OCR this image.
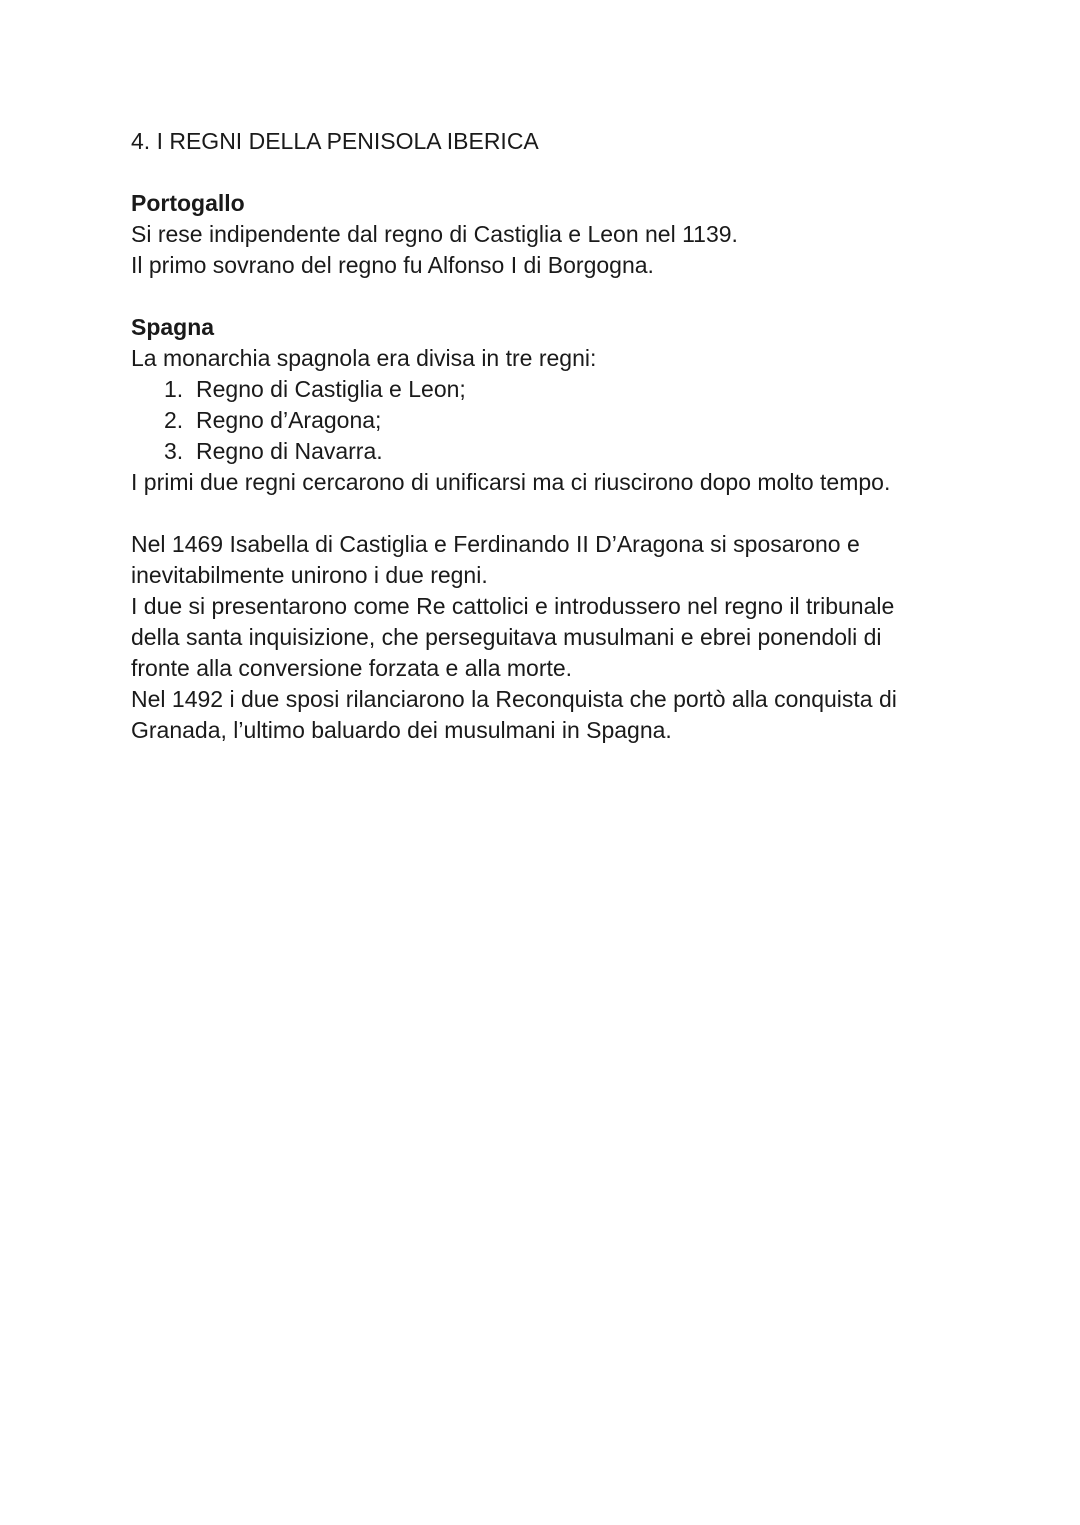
4. I REGNI DELLA PENISOLA IBERICA

Portogallo
Si rese indipendente dal regno di Castiglia e Leon nel 1139.
Il primo sovrano del regno fu Alfonso I di Borgogna.
Spagna
La monarchia spagnola era divisa in tre regni:
1. Regno di Castiglia e Leon;
2. Regno d’Aragona;
3. Regno di Navarra.
I primi due regni cercarono di unificarsi ma ci riuscirono dopo molto tempo.
Nel 1469 Isabella di Castiglia e Ferdinando II D’Aragona si sposarono e
inevitabilmente unirono i due regni.
I due si presentarono come Re cattolici e introdussero nel regno il tribunale
della santa inquisizione, che perseguitava musulmani e ebrei ponendoli di
fronte alla conversione forzata e alla morte.
Nel 1492 i due sposi rilanciarono la Reconquista che portò alla conquista di
Granada, l’ultimo baluardo dei musulmani in Spagna.
